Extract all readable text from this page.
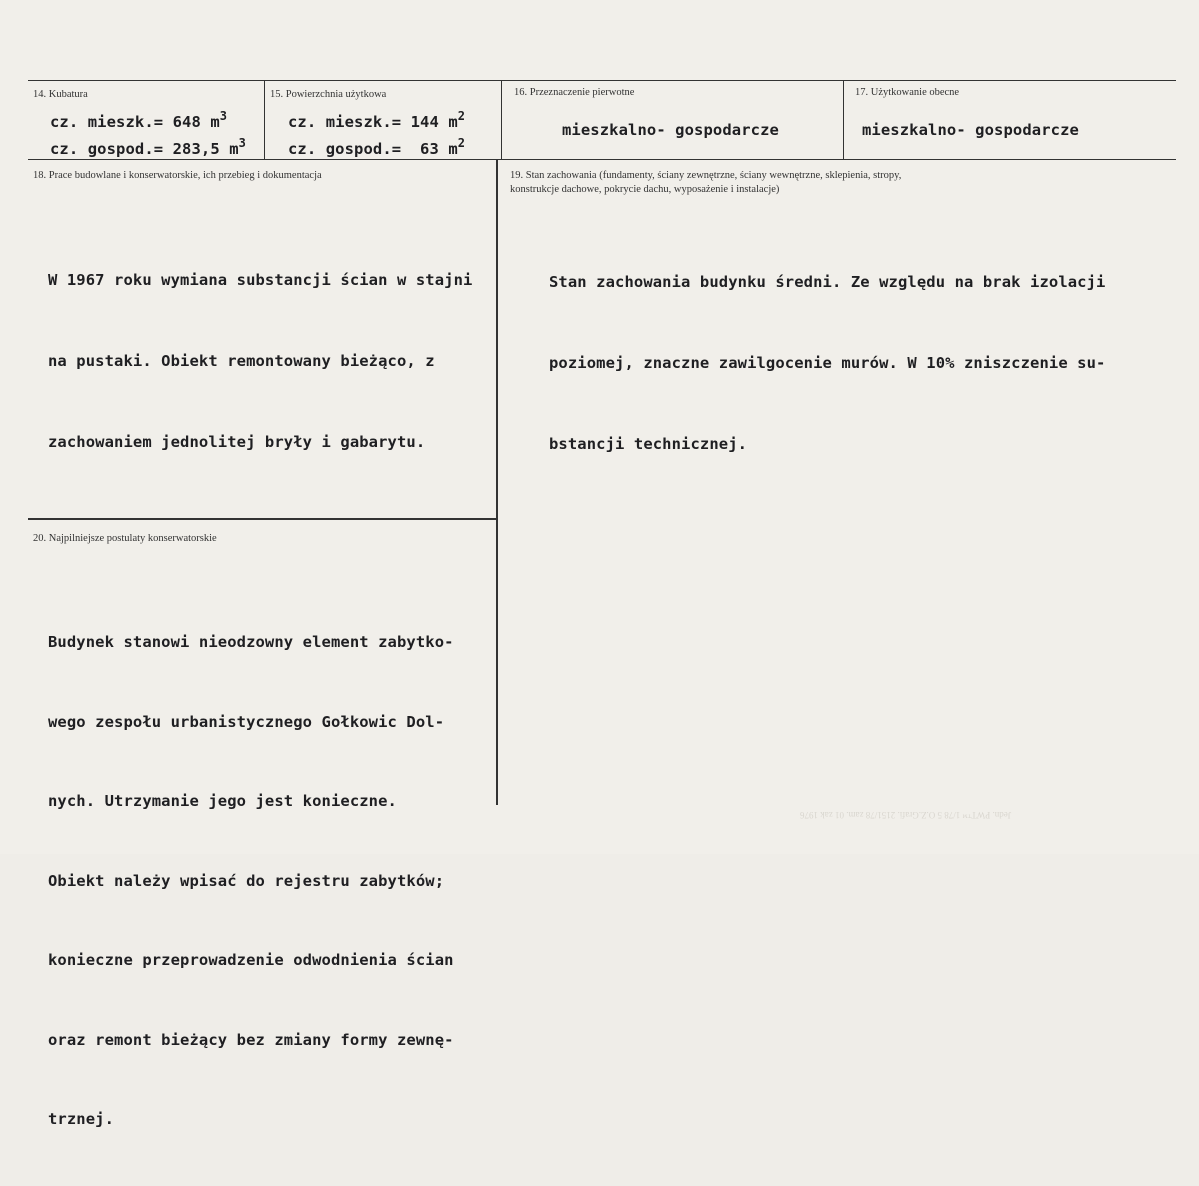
14. Kubatura
cz. mieszk.= 648 $m^3$
cz. gospod.= 283,5 $m^3$
15. Powierzchnia użytkowa
cz. mieszk.= 144 $m^2$
cz. gospod.=  63 $m^2$
16. Przeznaczenie pierwotne
mieszkalno- gospodarcze
17. Użytkowanie obecne
mieszkalno- gospodarcze
18. Prace budowlane i konserwatorskie, ich przebieg i dokumentacja

W 1967 roku wymiana substancji ścian w stajni

na pustaki. Obiekt remontowany bieżąco, z

zachowaniem jednolitej bryły i gabarytu.

19. Stan zachowania (fundamenty, ściany zewnętrzne, ściany wewnętrzne, sklepienia, stropy,
konstrukcje dachowe, pokrycie dachu, wyposażenie i instalacje)

Stan zachowania budynku średni. Ze względu na brak izolacji

poziomej, znaczne zawilgocenie murów. W 10% zniszczenie su-

bstancji technicznej.

20. Najpilniejsze postulaty konserwatorskie

Budynek stanowi nieodzowny element zabytko-

wego zespołu urbanistycznego Gołkowic Dol-

nych. Utrzymanie jego jest konieczne.

Obiekt należy wpisać do rejestru zabytków;

konieczne przeprowadzenie odwodnienia ścian

oraz remont bieżący bez zmiany formy zewnę-

trznej.

Jedn. PWT™ 1/78 5 O.Z.Grafi. 2151/78 zam. 01 zak 1976
